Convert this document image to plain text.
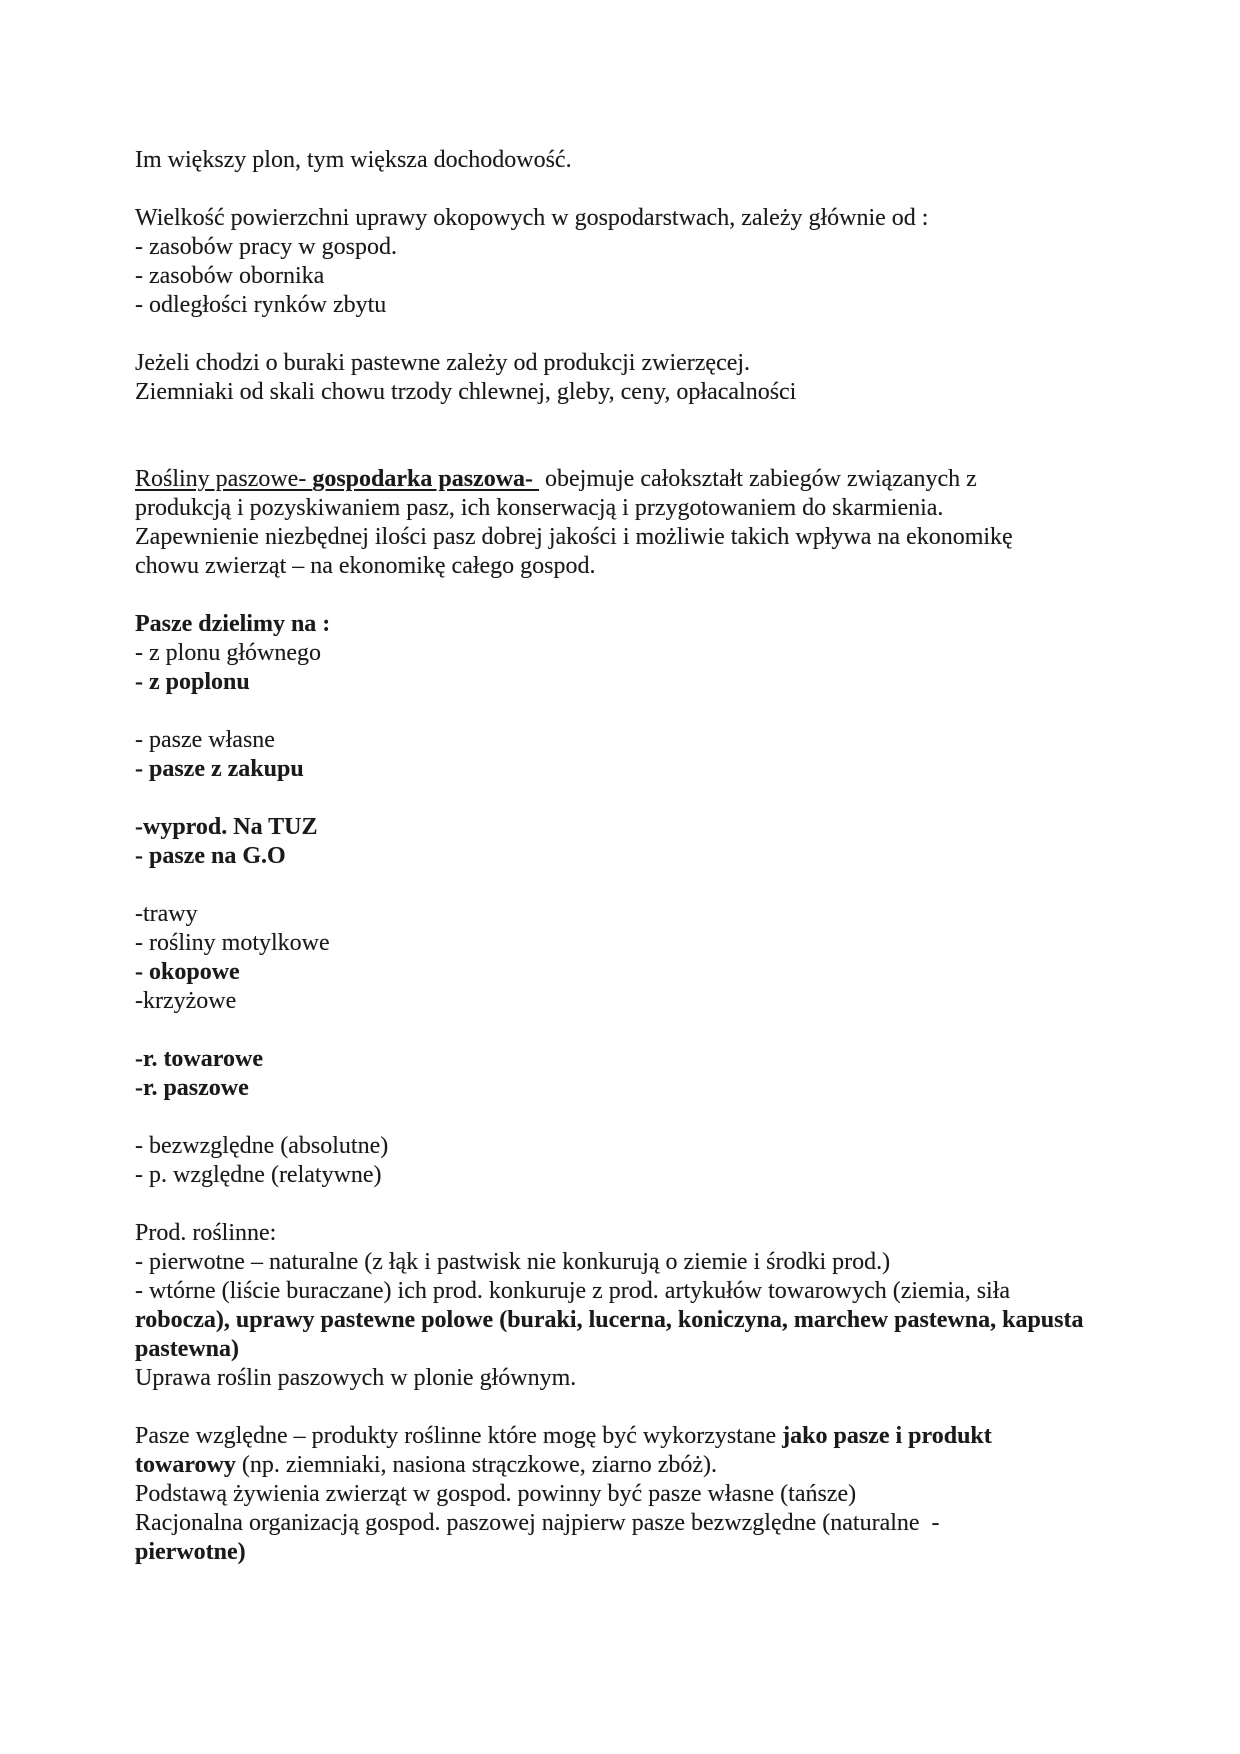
Im większy plon, tym większa dochodowość.

Wielkość powierzchni uprawy okopowych w gospodarstwach, zależy głównie od :
- zasobów pracy w gospod.
- zasobów obornika
- odległości rynków zbytu

Jeżeli chodzi o buraki pastewne zależy od produkcji zwierzęcej.
Ziemniaki od skali chowu trzody chlewnej, gleby, ceny, opłacalności

Rośliny paszowe- gospodarka paszowa-  obejmuje całokształt zabiegów związanych z
produkcją i pozyskiwaniem pasz, ich konserwacją i przygotowaniem do skarmienia.
Zapewnienie niezbędnej ilości pasz dobrej jakości i możliwie takich wpływa na ekonomikę
chowu zwierząt – na ekonomikę całego gospod.

Pasze dzielimy na :
- z plonu głównego
- z poplonu

- pasze własne
- pasze z zakupu

-wyprod. Na TUZ
- pasze na G.O

-trawy
- rośliny motylkowe
- okopowe
-krzyżowe

-r. towarowe
-r. paszowe

- bezwzględne (absolutne)
- p. względne (relatywne)

Prod. roślinne:
- pierwotne – naturalne (z łąk i pastwisk nie konkurują o ziemie i środki prod.)
- wtórne (liście buraczane) ich prod. konkuruje z prod. artykułów towarowych (ziemia, siła
robocza), uprawy pastewne polowe (buraki, lucerna, koniczyna, marchew pastewna, kapusta
pastewna)
Uprawa roślin paszowych w plonie głównym.

Pasze względne – produkty roślinne które mogę być wykorzystane jako pasze i produkt
towarowy (np. ziemniaki, nasiona strączkowe, ziarno zbóż).
Podstawą żywienia zwierząt w gospod. powinny być pasze własne (tańsze)
Racjonalna organizacją gospod. paszowej najpierw pasze bezwzględne (naturalne  -
pierwotne)
